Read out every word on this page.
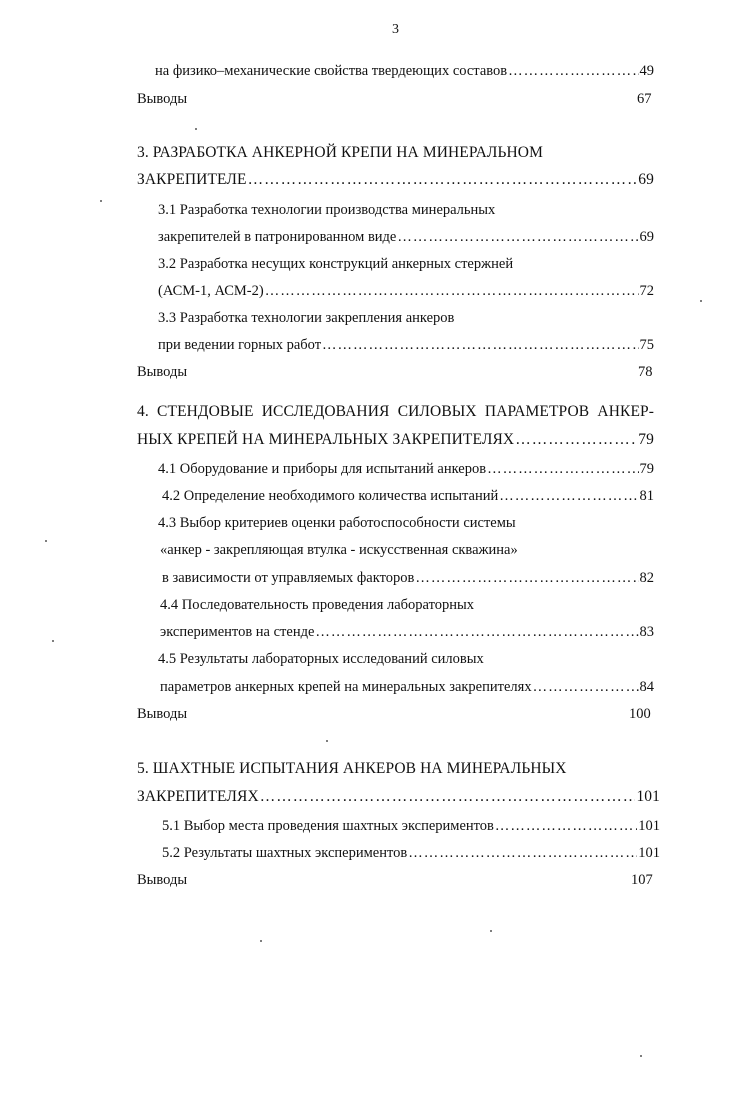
3
на физико–механические свойства твердеющих составов …………………………………………………………………………………………………………………………………………………………………	49
Выводы	67
3. РАЗРАБОТКА АНКЕРНОЙ КРЕПИ НА МИНЕРАЛЬНОМ
ЗАКРЕПИТЕЛЕ …………………………………………………………………………………………………………………………………………………………………	69
3.1 Разработка технологии производства минеральных
закрепителей в патронированном виде …………………………………………………………………………………………………………………………………………………………………	69
3.2 Разработка несущих конструкций анкерных стержней
(АСМ-1, АСМ-2) …………………………………………………………………………………………………………………………………………………………………	72
3.3 Разработка технологии закрепления анкеров
при ведении горных работ …………………………………………………………………………………………………………………………………………………………………	75
Выводы	78
4. СТЕНДОВЫЕ ИССЛЕДОВАНИЯ СИЛОВЫХ ПАРАМЕТРОВ АНКЕР-
НЫХ КРЕПЕЙ НА МИНЕРАЛЬНЫХ ЗАКРЕПИТЕЛЯХ …………………………………………………………………………………………………………………………………………………………………	79
4.1 Оборудование и приборы для испытаний анкеров …………………………………………………………………………………………………………………………………………………………………	79
4.2 Определение необходимого количества испытаний …………………………………………………………………………………………………………………………………………………………………	81
4.3 Выбор критериев оценки работоспособности системы
«анкер - закрепляющая втулка - искусственная скважина»
в зависимости от управляемых факторов …………………………………………………………………………………………………………………………………………………………………	82
4.4 Последовательность проведения лабораторных
экспериментов на стенде …………………………………………………………………………………………………………………………………………………………………	83
4.5 Результаты лабораторных исследований силовых
параметров анкерных крепей на минеральных закрепителях …………………………………………………………………………………………………………………………………………………………………	84
Выводы	100
5. ШАХТНЫЕ ИСПЫТАНИЯ АНКЕРОВ НА МИНЕРАЛЬНЫХ
ЗАКРЕПИТЕЛЯХ …………………………………………………………………………………………………………………………………………………………………	101
5.1 Выбор места проведения шахтных экспериментов …………………………………………………………………………………………………………………………………………………………………	101
5.2 Результаты шахтных экспериментов …………………………………………………………………………………………………………………………………………………………………	101
Выводы	107
